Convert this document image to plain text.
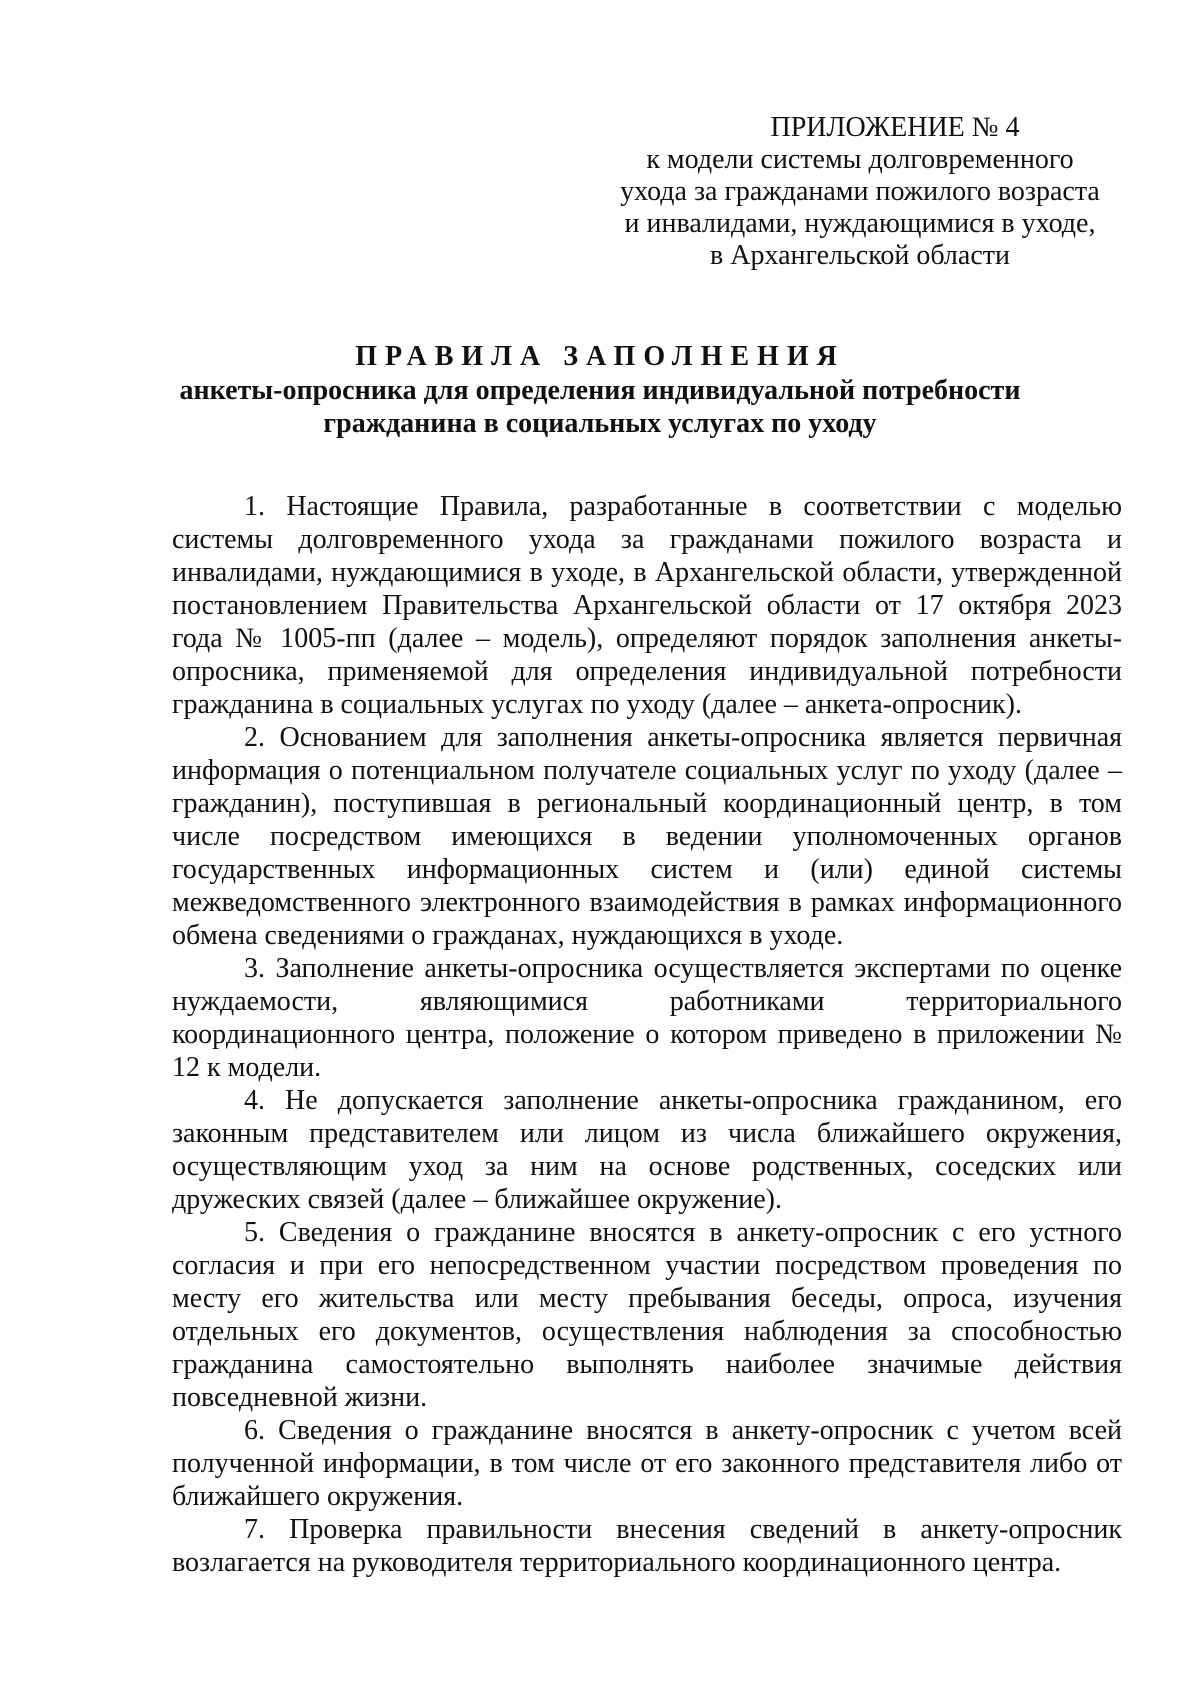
ПРИЛОЖЕНИЕ № 4
к модели системы долговременного
ухода за гражданами пожилого возраста
и инвалидами, нуждающимися в уходе,
в Архангельской области
ПРАВИЛА ЗАПОЛНЕНИЯ
анкеты-опросника для определения индивидуальной потребности
гражданина в социальных услугах по уходу

1. Настоящие Правила, разработанные в соответствии с моделью системы долговременного ухода за гражданами пожилого возраста и инвалидами, нуждающимися в уходе, в Архангельской области, утвержденной постановлением Правительства Архангельской области от 17 октября 2023 года № 1005-пп (далее – модель), определяют порядок заполнения анкеты-опросника, применяемой для определения индивидуальной потребности гражданина в социальных услугах по уходу (далее – анкета-опросник).

2. Основанием для заполнения анкеты-опросника является первичная информация о потенциальном получателе социальных услуг по уходу (далее – гражданин), поступившая в региональный координационный центр, в том числе посредством имеющихся в ведении уполномоченных органов государственных информационных систем и (или) единой системы межведомственного электронного взаимодействия в рамках информационного обмена сведениями о гражданах, нуждающихся в уходе.

3. Заполнение анкеты-опросника осуществляется экспертами по оценке нуждаемости, являющимися работниками территориального координационного центра, положение о котором приведено в приложении № 12 к модели.

4. Не допускается заполнение анкеты-опросника гражданином, его законным представителем или лицом из числа ближайшего окружения, осуществляющим уход за ним на основе родственных, соседских или дружеских связей (далее – ближайшее окружение).

5. Сведения о гражданине вносятся в анкету-опросник с его устного согласия и при его непосредственном участии посредством проведения по месту его жительства или месту пребывания беседы, опроса, изучения отдельных его документов, осуществления наблюдения за способностью гражданина самостоятельно выполнять наиболее значимые действия повседневной жизни.

6. Сведения о гражданине вносятся в анкету-опросник с учетом всей полученной информации, в том числе от его законного представителя либо от ближайшего окружения.

7. Проверка правильности внесения сведений в анкету-опросник возлагается на руководителя территориального координационного центра.
